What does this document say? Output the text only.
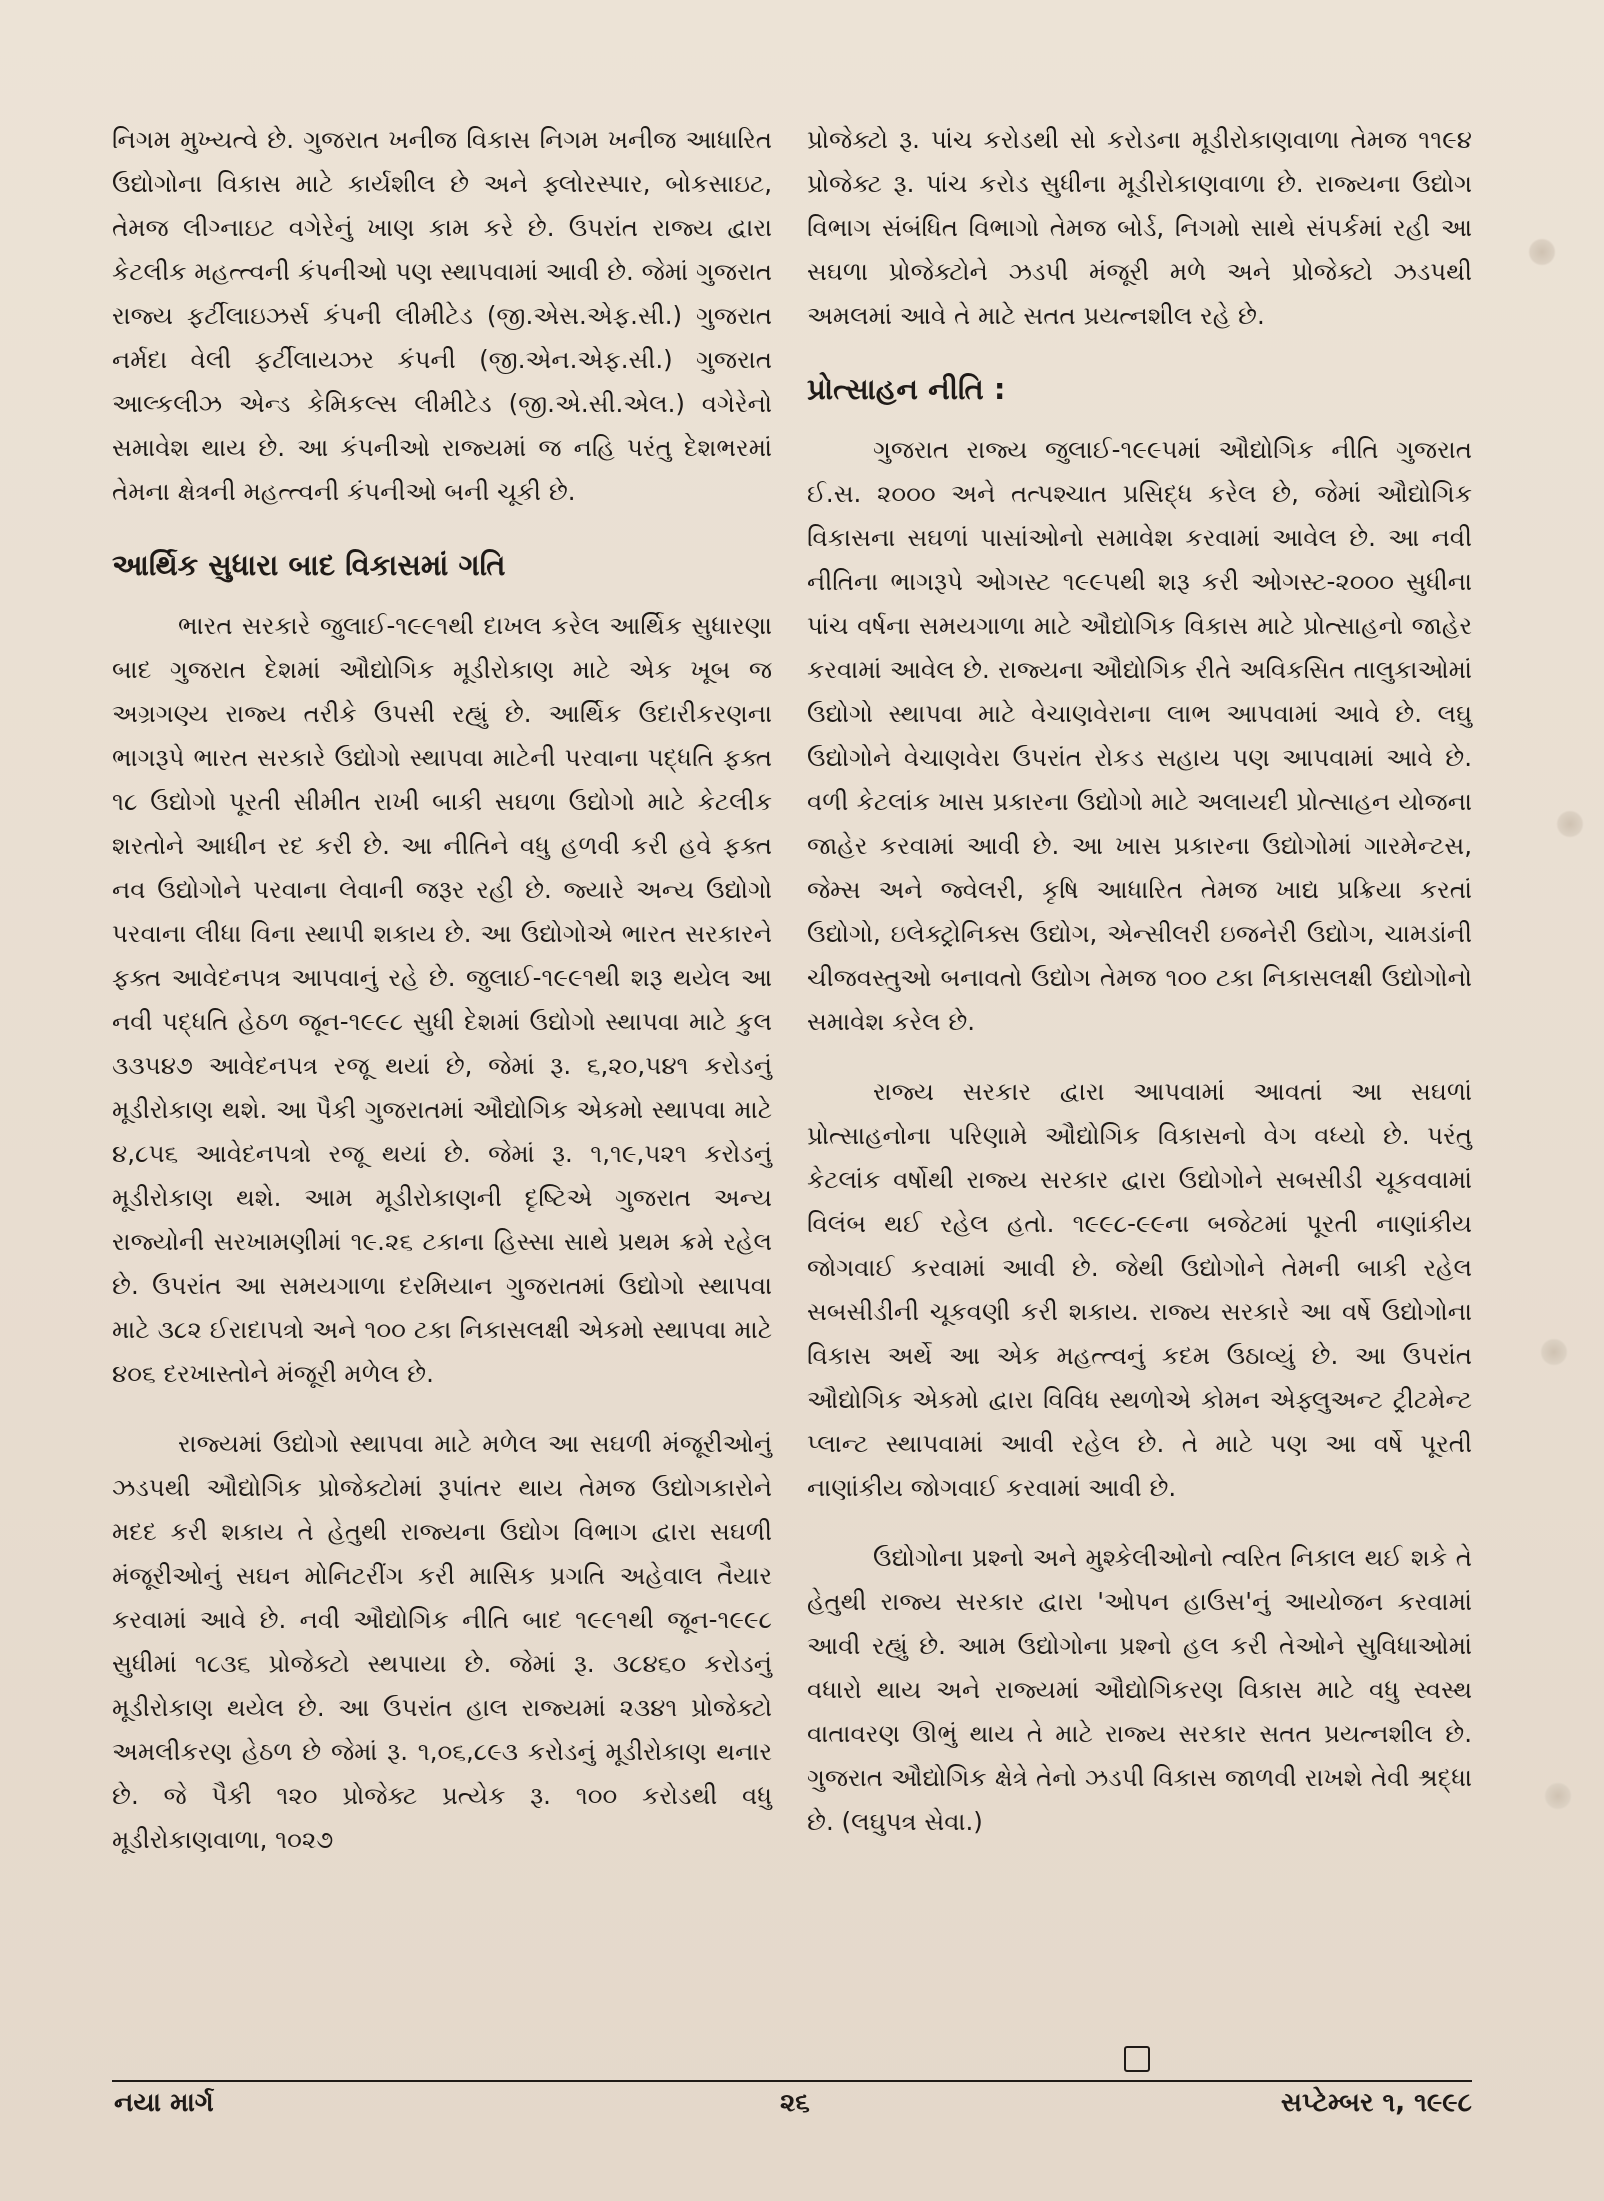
નિગમ મુખ્યત્વે છે. ગુજરાત ખનીજ વિકાસ નિગમ ખનીજ આધારિત ઉદ્યોગોના વિકાસ માટે કાર્યશીલ છે અને ફ્લોરસ્પાર, બોકસાઇટ, તેમજ લીગ્નાઇટ વગેરેનું ખાણ કામ કરે છે. ઉપરાંત રાજ્ય દ્વારા કેટલીક મહત્ત્વની કંપનીઓ પણ સ્થાપવામાં આવી છે. જેમાં ગુજરાત રાજ્ય ફર્ટીલાઇઝર્સ કંપની લીમીટેડ (જી.એસ.એફ.સી.) ગુજરાત નર્મદા વેલી ફર્ટીલાયઝર કંપની (જી.એન.એફ.સી.) ગુજરાત આલ્કલીઝ એન્ડ કેમિકલ્સ લીમીટેડ (જી.એ.સી.એલ.) વગેરેનો સમાવેશ થાય છે. આ કંપનીઓ રાજ્યમાં જ નહિ પરંતુ દેશભરમાં તેમના ક્ષેત્રની મહત્ત્વની કંપનીઓ બની ચૂકી છે.

આર્થિક સુધારા બાદ વિકાસમાં ગતિ

ભારત સરકારે જુલાઈ-૧૯૯૧થી દાખલ કરેલ આર્થિક સુધારણા બાદ ગુજરાત દેશમાં ઔદ્યોગિક મૂડીરોકાણ માટે એક ખૂબ જ અગ્રગણ્ય રાજ્ય તરીકે ઉપસી રહ્યું છે. આર્થિક ઉદારીકરણના ભાગરૂપે ભારત સરકારે ઉદ્યોગો સ્થાપવા માટેની પરવાના પદ્ધતિ ફક્ત ૧૮ ઉદ્યોગો પૂરતી સીમીત રાખી બાકી સઘળા ઉદ્યોગો માટે કેટલીક શરતોને આધીન રદ કરી છે. આ નીતિને વધુ હળવી કરી હવે ફક્ત નવ ઉદ્યોગોને પરવાના લેવાની જરૂર રહી છે. જ્યારે અન્ય ઉદ્યોગો પરવાના લીધા વિના સ્થાપી શકાય છે. આ ઉદ્યોગોએ ભારત સરકારને ફક્ત આવેદનપત્ર આપવાનું રહે છે. જુલાઈ-૧૯૯૧થી શરૂ થયેલ આ નવી પદ્ધતિ હેઠળ જૂન-૧૯૯૮ સુધી દેશમાં ઉદ્યોગો સ્થાપવા માટે કુલ ૩૩૫૪૭ આવેદનપત્ર રજૂ થયાં છે, જેમાં રૂ. ૬,૨૦,૫૪૧ કરોડનું મૂડીરોકાણ થશે. આ પૈકી ગુજરાતમાં ઔદ્યોગિક એકમો સ્થાપવા માટે ૪,૮૫૬ આવેદનપત્રો રજૂ થયાં છે. જેમાં રૂ. ૧,૧૯,૫૨૧ કરોડનું મૂડીરોકાણ થશે. આમ મૂડીરોકાણની દૃષ્ટિએ ગુજરાત અન્ય રાજ્યોની સરખામણીમાં ૧૯.૨૬ ટકાના હિસ્સા સાથે પ્રથમ ક્રમે રહેલ છે. ઉપરાંત આ સમયગાળા દરમિયાન ગુજરાતમાં ઉદ્યોગો સ્થાપવા માટે ૩૮૨ ઈરાદાપત્રો અને ૧૦૦ ટકા નિકાસલક્ષી એકમો સ્થાપવા માટે ૪૦૬ દરખાસ્તોને મંજૂરી મળેલ છે.

રાજ્યમાં ઉદ્યોગો સ્થાપવા માટે મળેલ આ સઘળી મંજૂરીઓનું ઝડપથી ઔદ્યોગિક પ્રોજેક્ટોમાં રૂપાંતર થાય તેમજ ઉદ્યોગકારોને મદદ કરી શકાય તે હેતુથી રાજ્યના ઉદ્યોગ વિભાગ દ્વારા સઘળી મંજૂરીઓનું સઘન મોનિટરીંગ કરી માસિક પ્રગતિ અહેવાલ તૈયાર કરવામાં આવે છે. નવી ઔદ્યોગિક નીતિ બાદ ૧૯૯૧થી જૂન-૧૯૯૮ સુધીમાં ૧૮૩૬ પ્રોજેક્ટો સ્થપાયા છે. જેમાં રૂ. ૩૮૪૬૦ કરોડનું મૂડીરોકાણ થયેલ છે. આ ઉપરાંત હાલ રાજ્યમાં ૨૩૪૧ પ્રોજેક્ટો અમલીકરણ હેઠળ છે જેમાં રૂ. ૧,૦૬,૮૯૩ કરોડનું મૂડીરોકાણ થનાર છે. જે પૈકી ૧૨૦ પ્રોજેક્ટ પ્રત્યેક રૂ. ૧૦૦ કરોડથી વધુ મૂડીરોકાણવાળા, ૧૦૨૭

પ્રોજેક્ટો રૂ. પાંચ કરોડથી સો કરોડના મૂડીરોકાણવાળા તેમજ ૧૧૯૪ પ્રોજેક્ટ રૂ. પાંચ કરોડ સુધીના મૂડીરોકાણવાળા છે. રાજ્યના ઉદ્યોગ વિભાગ સંબંધિત વિભાગો તેમજ બોર્ડ, નિગમો સાથે સંપર્કમાં રહી આ સઘળા પ્રોજેક્ટોને ઝડપી મંજૂરી મળે અને પ્રોજેક્ટો ઝડપથી અમલમાં આવે તે માટે સતત પ્રયત્નશીલ રહે છે.

પ્રોત્સાહન નીતિ :

ગુજરાત રાજ્ય જુલાઈ-૧૯૯૫માં ઔદ્યોગિક નીતિ ગુજરાત ઈ.સ. ૨૦૦૦ અને તત્પશ્ચાત પ્રસિદ્ધ કરેલ છે, જેમાં ઔદ્યોગિક વિકાસના સઘળાં પાસાંઓનો સમાવેશ કરવામાં આવેલ છે. આ નવી નીતિના ભાગરૂપે ઓગસ્ટ ૧૯૯૫થી શરૂ કરી ઓગસ્ટ-૨૦૦૦ સુધીના પાંચ વર્ષના સમયગાળા માટે ઔદ્યોગિક વિકાસ માટે પ્રોત્સાહનો જાહેર કરવામાં આવેલ છે. રાજ્યના ઔદ્યોગિક રીતે અવિકસિત તાલુકાઓમાં ઉદ્યોગો સ્થાપવા માટે વેચાણવેરાના લાભ આપવામાં આવે છે. લઘુ ઉદ્યોગોને વેચાણવેરા ઉપરાંત રોકડ સહાય પણ આપવામાં આવે છે. વળી કેટલાંક ખાસ પ્રકારના ઉદ્યોગો માટે અલાયદી પ્રોત્સાહન યોજના જાહેર કરવામાં આવી છે. આ ખાસ પ્રકારના ઉદ્યોગોમાં ગારમેન્ટસ, જેમ્સ અને જ્વેલરી, કૃષિ આધારિત તેમજ ખાદ્ય પ્રક્રિયા કરતાં ઉદ્યોગો, ઇલેક્ટ્રોનિક્સ ઉદ્યોગ, એન્સીલરી ઇજનેરી ઉદ્યોગ, ચામડાંની ચીજવસ્તુઓ બનાવતો ઉદ્યોગ તેમજ ૧૦૦ ટકા નિકાસલક્ષી ઉદ્યોગોનો સમાવેશ કરેલ છે.

રાજ્ય સરકાર દ્વારા આપવામાં આવતાં આ સઘળાં પ્રોત્સાહનોના પરિણામે ઔદ્યોગિક વિકાસનો વેગ વધ્યો છે. પરંતુ કેટલાંક વર્ષોથી રાજ્ય સરકાર દ્વારા ઉદ્યોગોને સબસીડી ચૂકવવામાં વિલંબ થઈ રહેલ હતો. ૧૯૯૮-૯૯ના બજેટમાં પૂરતી નાણાંકીય જોગવાઈ કરવામાં આવી છે. જેથી ઉદ્યોગોને તેમની બાકી રહેલ સબસીડીની ચૂકવણી કરી શકાય. રાજ્ય સરકારે આ વર્ષે ઉદ્યોગોના વિકાસ અર્થે આ એક મહત્ત્વનું કદમ ઉઠાવ્યું છે. આ ઉપરાંત ઔદ્યોગિક એકમો દ્વારા વિવિધ સ્થળોએ કોમન એફ્લુઅન્ટ ટ્રીટમેન્ટ પ્લાન્ટ સ્થાપવામાં આવી રહેલ છે. તે માટે પણ આ વર્ષે પૂરતી નાણાંકીય જોગવાઈ કરવામાં આવી છે.

ઉદ્યોગોના પ્રશ્નો અને મુશ્કેલીઓનો ત્વરિત નિકાલ થઈ શકે તે હેતુથી રાજ્ય સરકાર દ્વારા 'ઓપન હાઉસ'નું આયોજન કરવામાં આવી રહ્યું છે. આમ ઉદ્યોગોના પ્રશ્નો હલ કરી તેઓને સુવિધાઓમાં વધારો થાય અને રાજ્યમાં ઔદ્યોગિકરણ વિકાસ માટે વધુ સ્વસ્થ વાતાવરણ ઊભું થાય તે માટે રાજ્ય સરકાર સતત પ્રયત્નશીલ છે. ગુજરાત ઔદ્યોગિક ક્ષેત્રે તેનો ઝડપી વિકાસ જાળવી રાખશે તેવી શ્રદ્ધા છે. (લઘુપત્ર સેવા.)

નયા માર્ગ	૨૬	સપ્ટેમ્બર ૧, ૧૯૯૮
